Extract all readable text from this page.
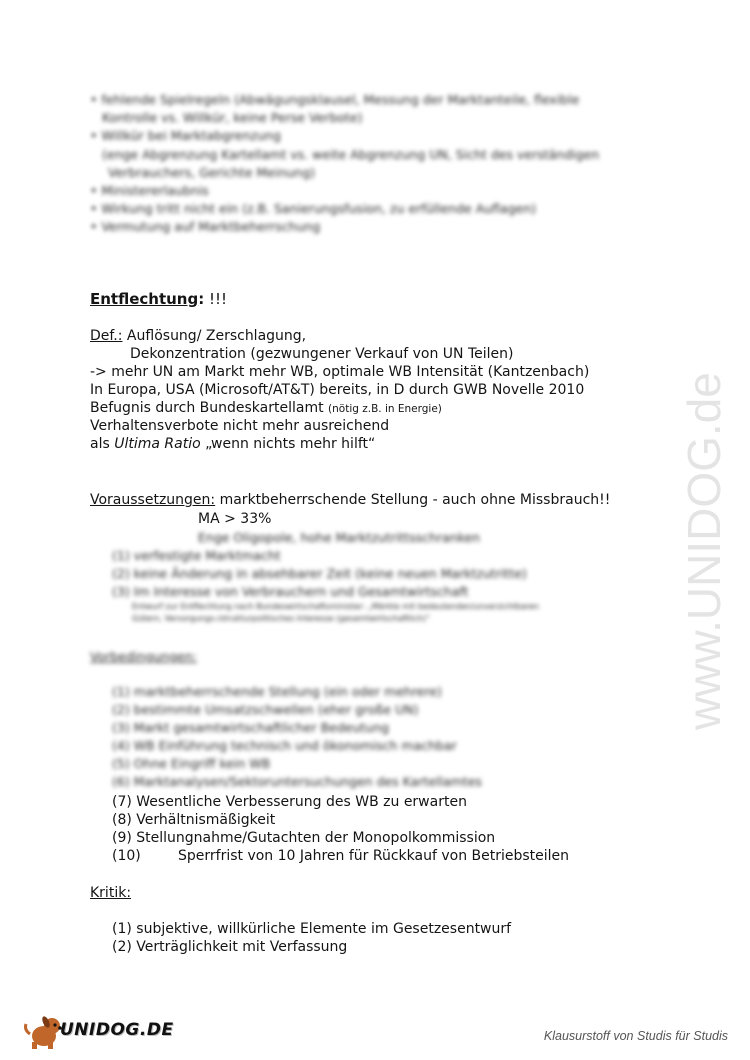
• fehlende Spielregeln (Abwägungsklausel, Messung der Marktanteile, flexible
Kontrolle vs. Willkür, keine Perse Verbote)
• Willkür bei Marktabgrenzung
(enge Abgrenzung Kartellamt vs. weite Abgrenzung UN, Sicht des verständigen
Verbrauchers, Gerichte Meinung)
• Ministererlaubnis
• Wirkung tritt nicht ein (z.B. Sanierungsfusion, zu erfüllende Auflagen)
• Vermutung auf Marktbeherrschung
Entflechtung: !!!
Def.: Auflösung/ Zerschlagung,
Dekonzentration (gezwungener Verkauf von UN Teilen)
-> mehr UN am Markt mehr WB, optimale WB Intensität (Kantzenbach)
In Europa, USA (Microsoft/AT&T) bereits, in D durch GWB Novelle 2010
Befugnis durch Bundeskartellamt (nötig z.B. in Energie)
Verhaltensverbote nicht mehr ausreichend
als Ultima Ratio „wenn nichts mehr hilft“
Voraussetzungen: marktbeherrschende Stellung - auch ohne Missbrauch!!
MA > 33%
Enge Oligopole, hohe Marktzutrittsschranken
(1) verfestigte Marktmacht
(2) keine Änderung in absehbarer Zeit (keine neuen Marktzutritte)
(3) Im Interesse von Verbrauchern und Gesamtwirtschaft
Entwurf zur Entflechtung nach Bundeswirtschaftsminister: „Märkte mit bedeutenden/unverzichtbaren
Gütern, Versorgungs-/strukturpolitisches Interesse (gesamtwirtschaftlich)“
Vorbedingungen:
(1) marktbeherrschende Stellung (ein oder mehrere)
(2) bestimmte Umsatzschwellen (eher große UN)
(3) Markt gesamtwirtschaftlicher Bedeutung
(4) WB Einführung technisch und ökonomisch machbar
(5) Ohne Eingriff kein WB
(6) Marktanalysen/Sektoruntersuchungen des Kartellamtes
(7) Wesentliche Verbesserung des WB zu erwarten
(8) Verhältnismäßigkeit
(9) Stellungnahme/Gutachten der Monopolkommission
(10)	Sperrfrist von 10 Jahren für Rückkauf von Betriebsteilen
Kritik:
(1) subjektive, willkürliche Elemente im Gesetzesentwurf
(2) Verträglichkeit mit Verfassung
www.UNIDOG.de
UNIDOG.DE	Klausurstoff von Studis für Studis
